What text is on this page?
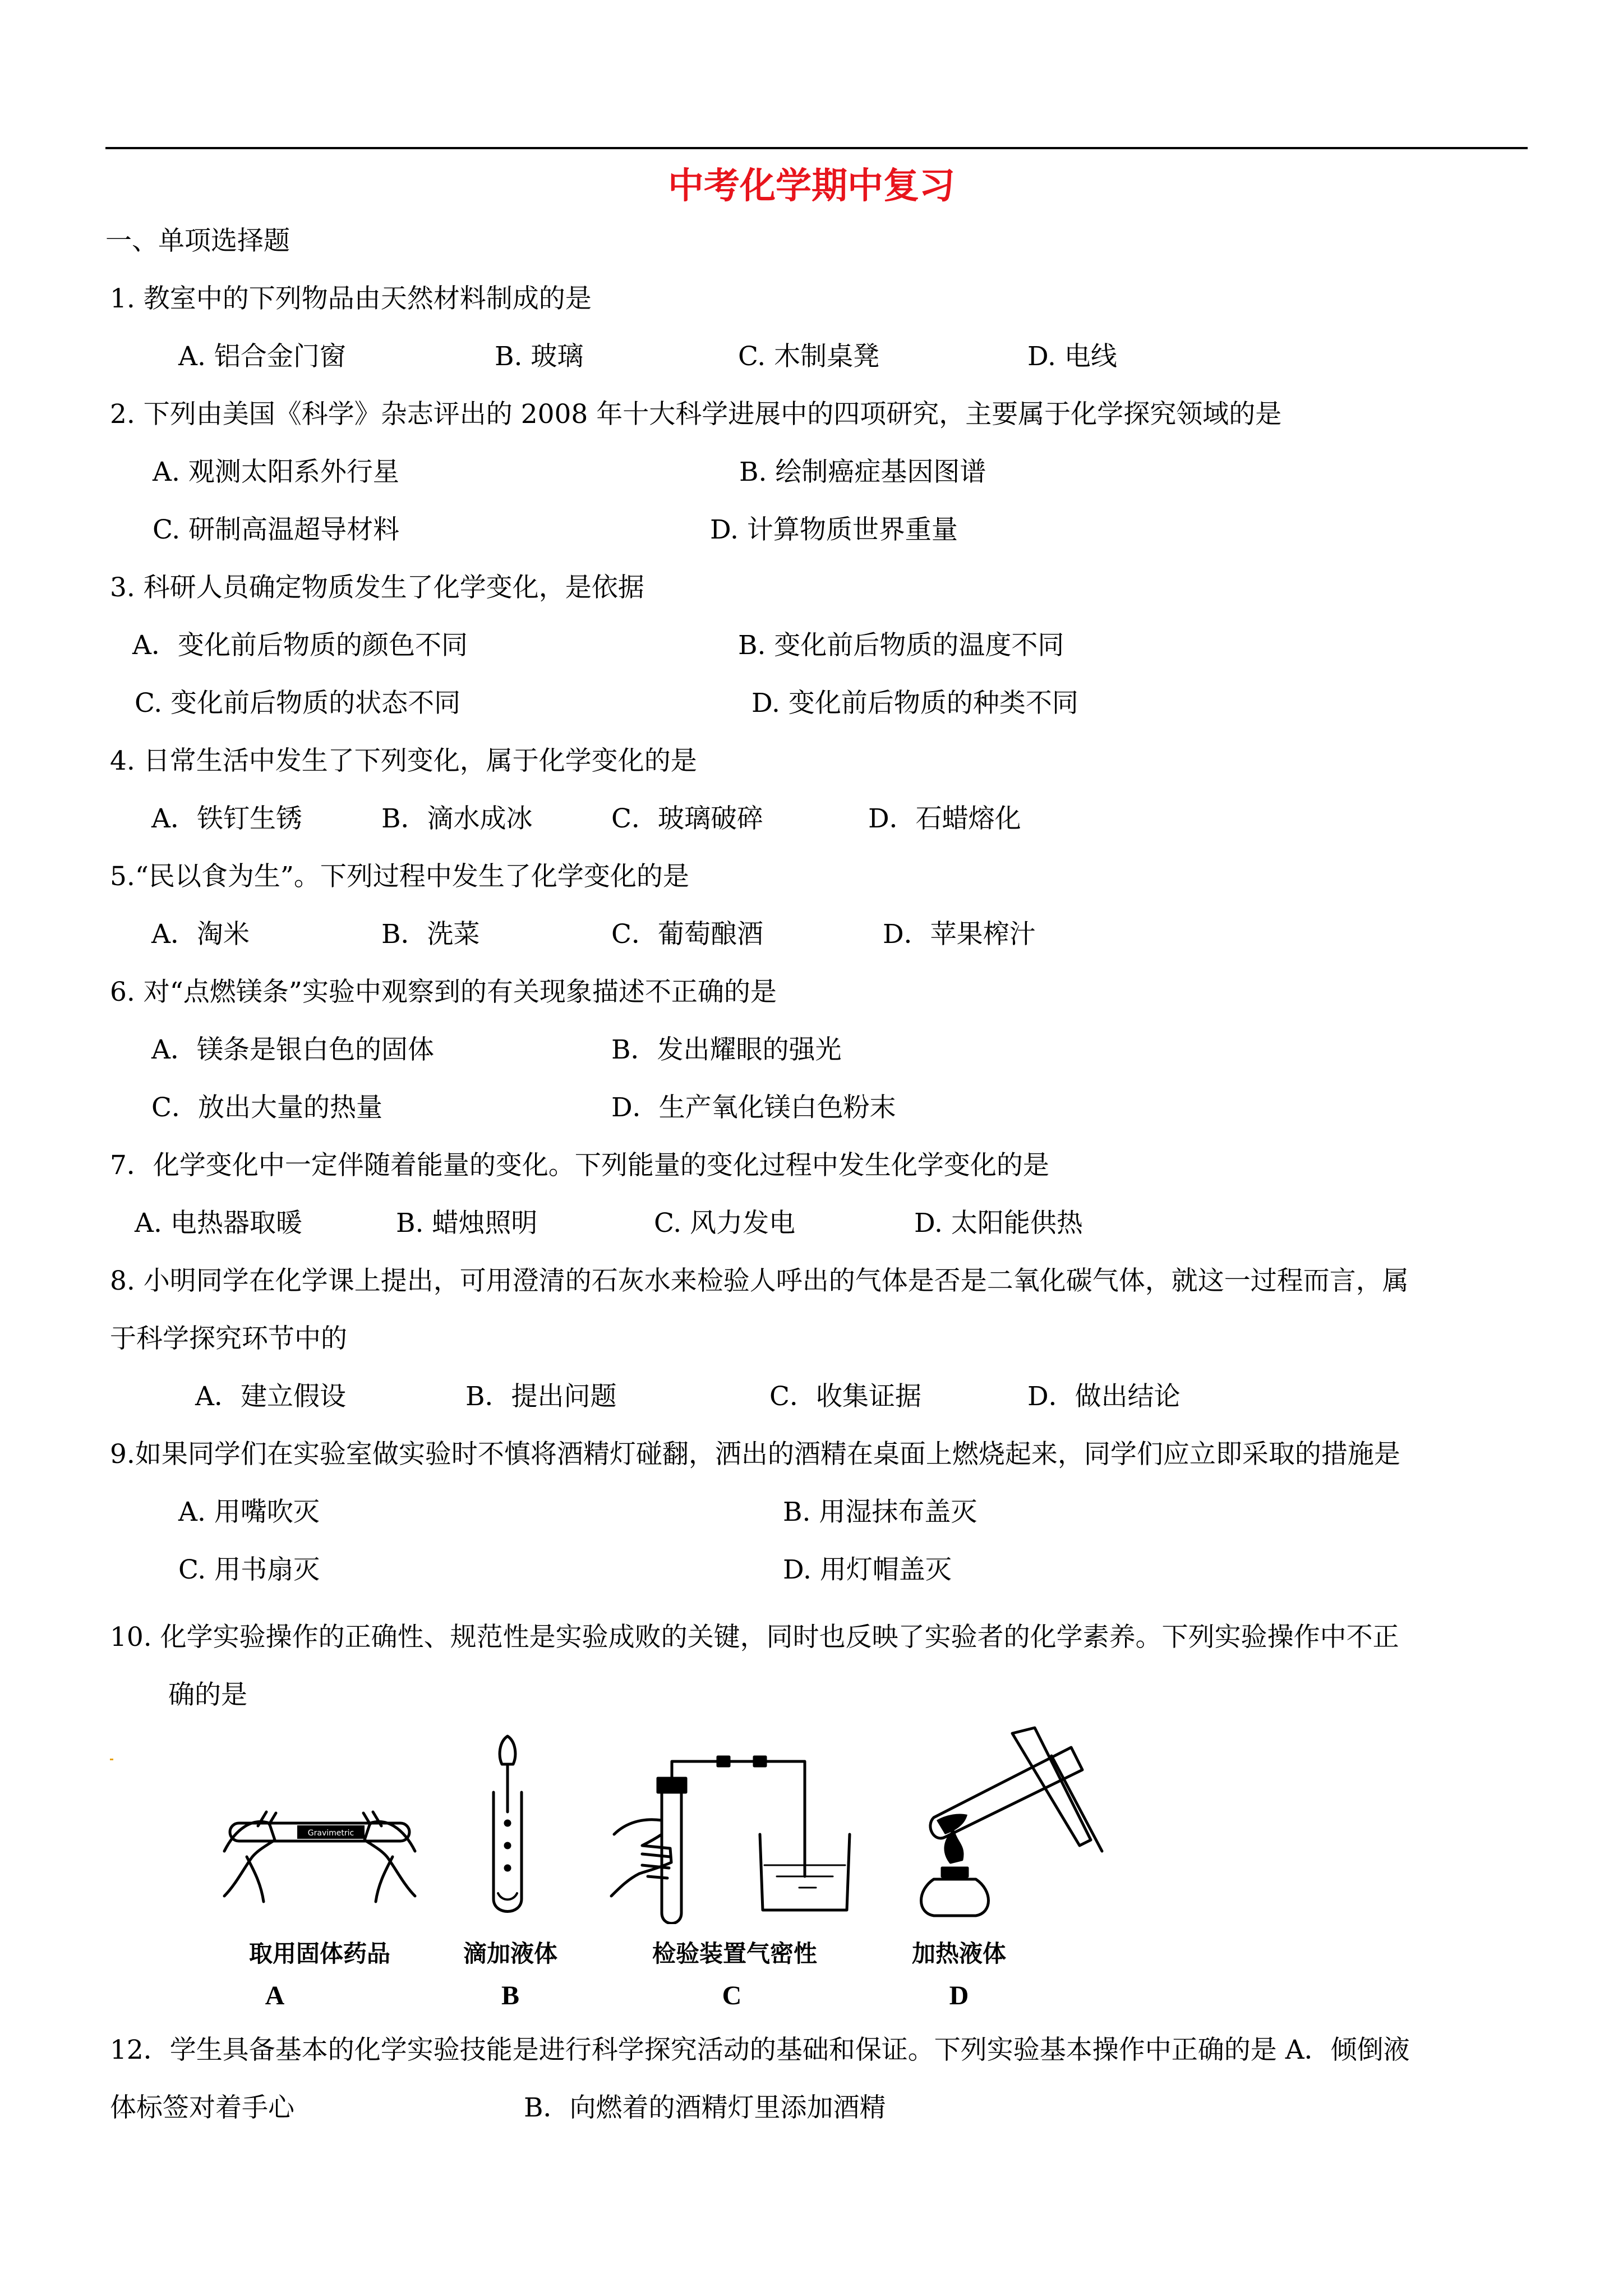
中考化学期中复习
一、单项选择题
1. 教室中的下列物品由天然材料制成的是
A. 铝合金门窗	B. 玻璃	C. 木制桌凳	D. 电线
2. 下列由美国《科学》杂志评出的 2008 年十大科学进展中的四项研究，主要属于化学探究领域的是
A. 观测太阳系外行星	B. 绘制癌症基因图谱
C. 研制高温超导材料	D. 计算物质世界重量
3. 科研人员确定物质发生了化学变化，是依据
A．变化前后物质的颜色不同	B. 变化前后物质的温度不同
C. 变化前后物质的状态不同	D. 变化前后物质的种类不同
4. 日常生活中发生了下列变化，属于化学变化的是
A．铁钉生锈	B．滴水成冰	C．玻璃破碎	D．石蜡熔化
5.“民以食为生”。下列过程中发生了化学变化的是
A．淘米	B．洗菜	C．葡萄酿酒	D．苹果榨汁
6. 对“点燃镁条”实验中观察到的有关现象描述不正确的是
A．镁条是银白色的固体	B．发出耀眼的强光
C．放出大量的热量	D．生产氧化镁白色粉末
7．化学变化中一定伴随着能量的变化。下列能量的变化过程中发生化学变化的是
A. 电热器取暖	B. 蜡烛照明	C. 风力发电	D. 太阳能供热
8. 小明同学在化学课上提出，可用澄清的石灰水来检验人呼出的气体是否是二氧化碳气体，就这一过程而言，属
于科学探究环节中的
A．建立假设	B．提出问题	C．收集证据	D．做出结论
9.如果同学们在实验室做实验时不慎将酒精灯碰翻，洒出的酒精在桌面上燃烧起来，同学们应立即采取的措施是
A. 用嘴吹灭	B. 用湿抹布盖灭
C. 用书扇灭	D. 用灯帽盖灭
10. 化学实验操作的正确性、规范性是实验成败的关键，同时也反映了实验者的化学素养。下列实验操作中不正
确的是
Gravimetric
取用固体药品	滴加液体	检验装置气密性	加热液体
A	B	C	D
12．学生具备基本的化学实验技能是进行科学探究活动的基础和保证。下列实验基本操作中正确的是 A．倾倒液
体标签对着手心	B．向燃着的酒精灯里添加酒精
